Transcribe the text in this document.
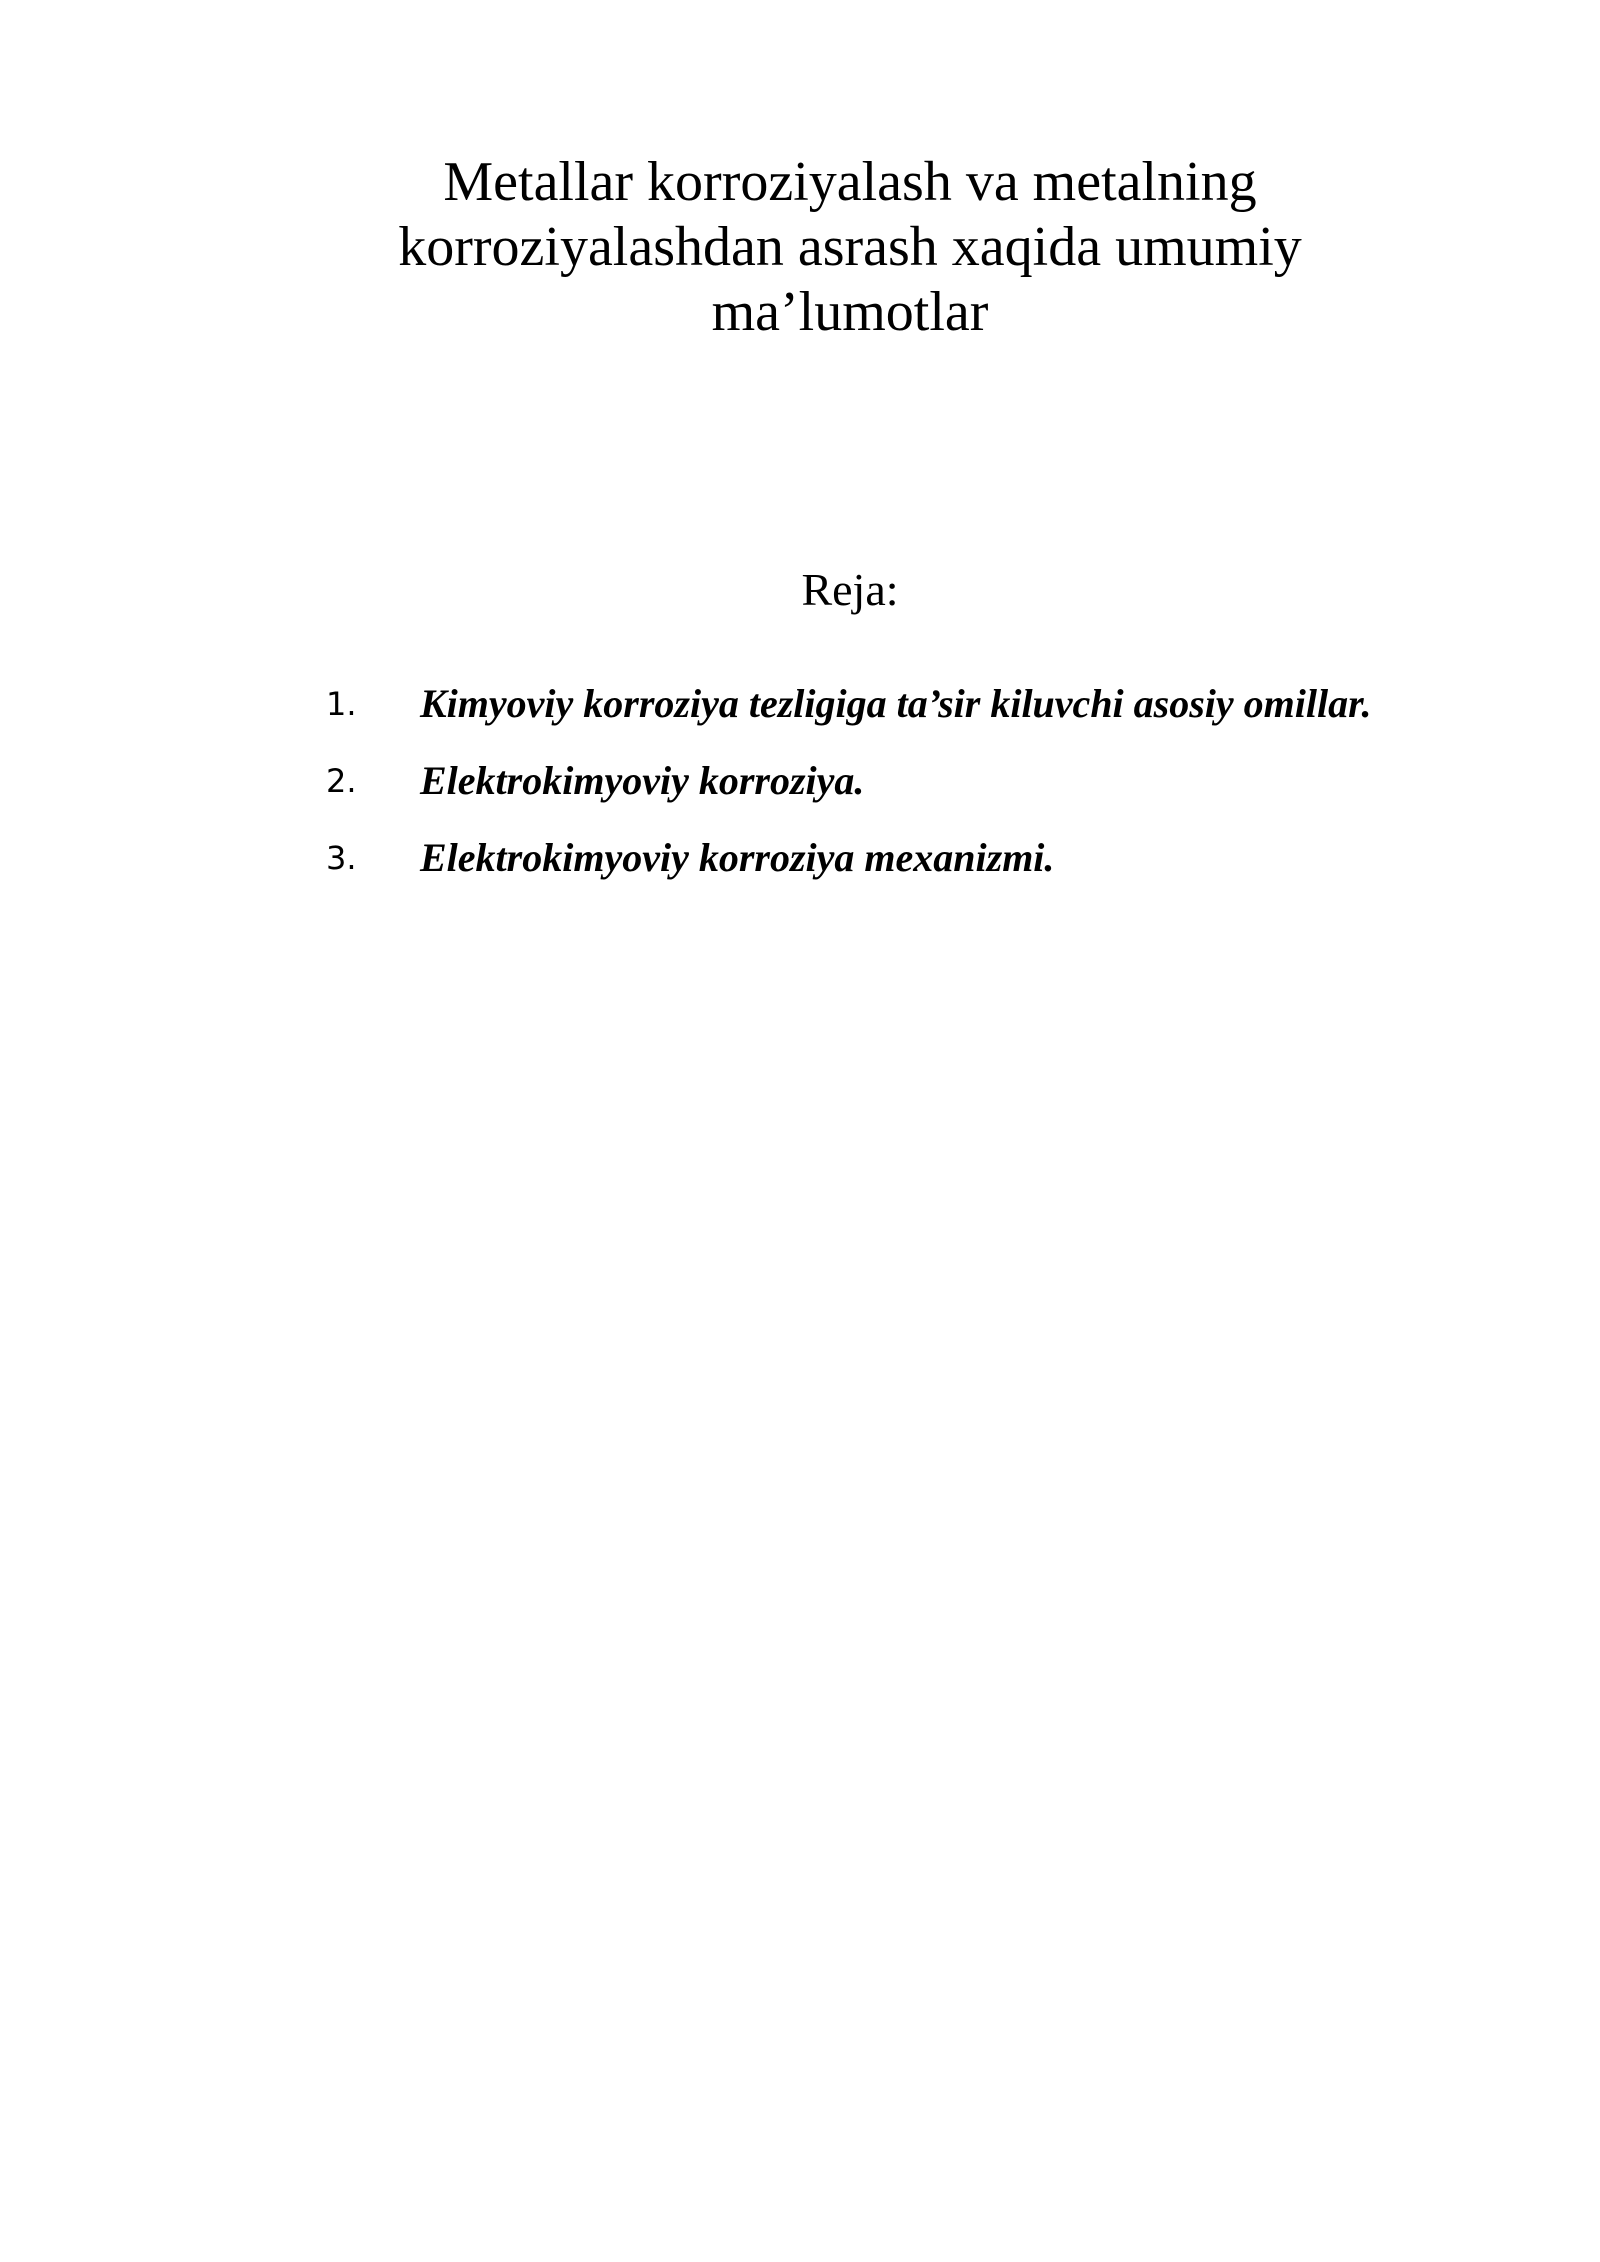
Metallar korroziyalash va metalning
korroziyalashdan asrash xaqida umumiy
ma’lumotlar

Reja:

1.	Kimyoviy korroziya tezligiga ta’sir kiluvchi asosiy omillar.
2.	Elektrokimyoviy korroziya.
3.	Elektrokimyoviy korroziya mexanizmi.
